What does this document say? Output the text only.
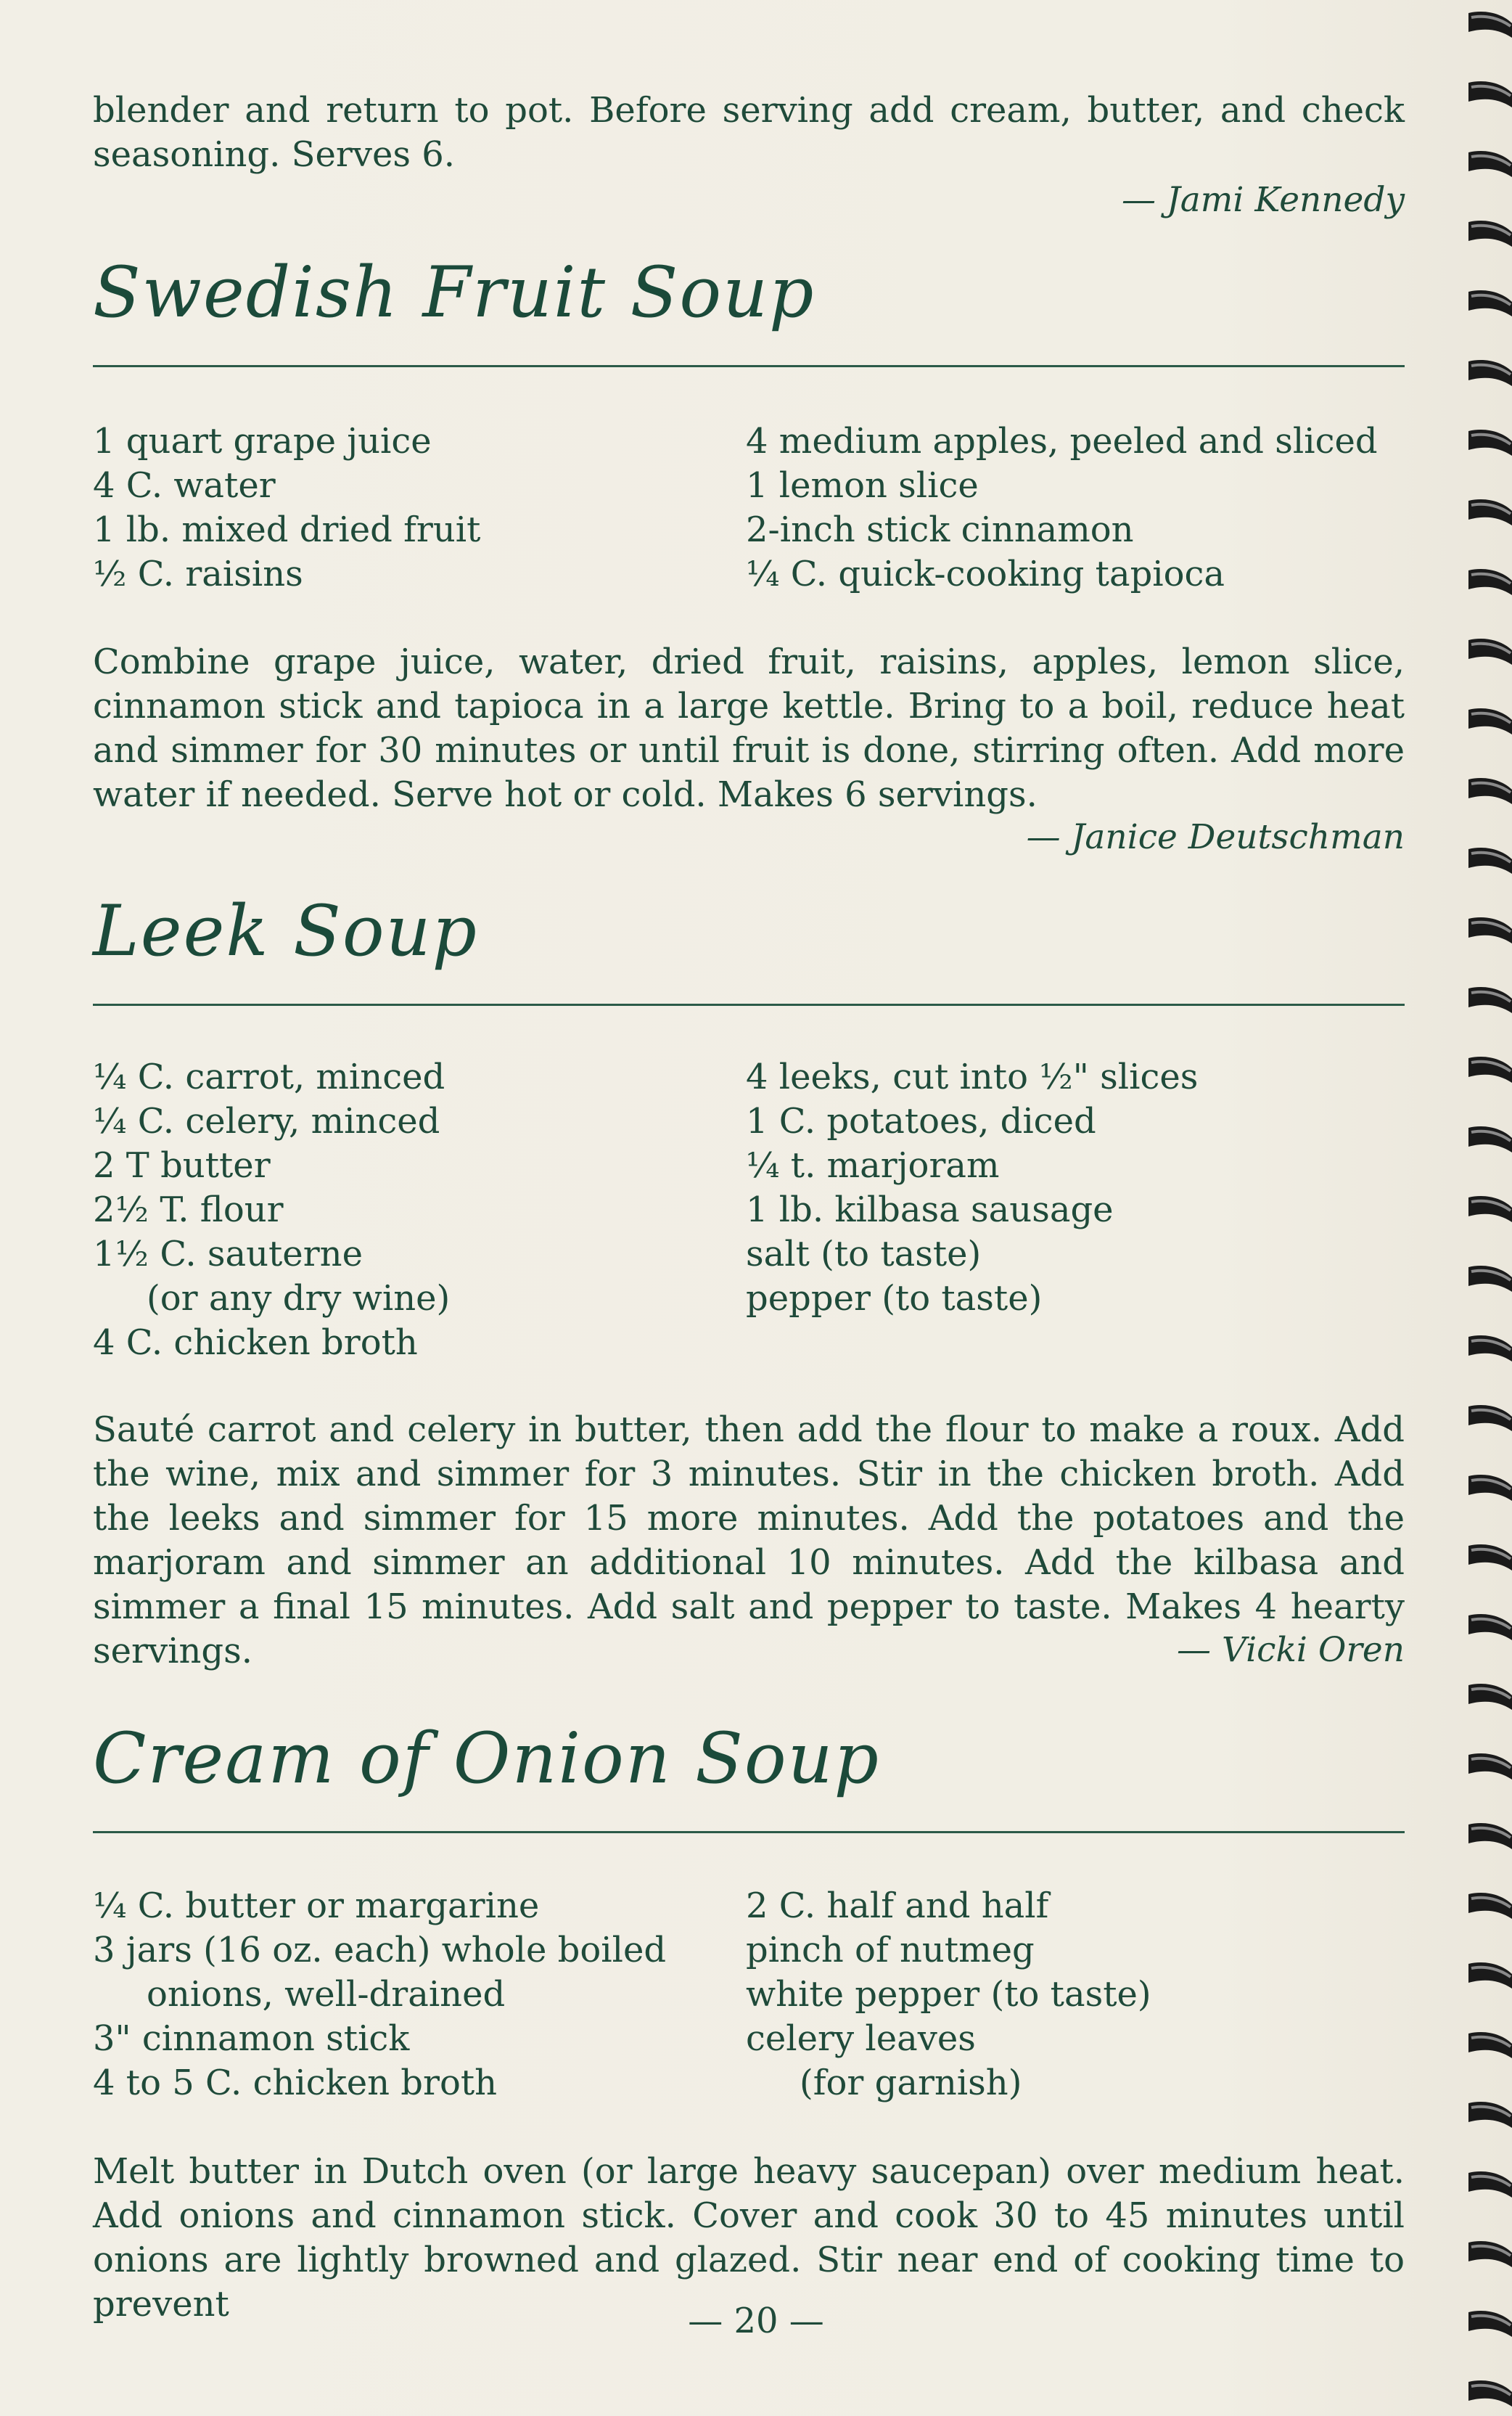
blender and return to pot. Before serving add cream, butter, and check seasoning. Serves 6.

— Jami Kennedy
Swedish Fruit Soup
1 quart grape juice
4 C. water
1 lb. mixed dried fruit
½ C. raisins
4 medium apples, peeled and sliced
1 lemon slice
2-inch stick cinnamon
¼ C. quick-cooking tapioca

Combine grape juice, water, dried fruit, raisins, apples, lemon slice, cinnamon stick and tapioca in a large kettle. Bring to a boil, reduce heat and simmer for 30 minutes or until fruit is done, stirring often. Add more water if needed. Serve hot or cold. Makes 6 servings.

— Janice Deutschman
Leek Soup
¼ C. carrot, minced
¼ C. celery, minced
2 T butter
2½ T. flour
1½ C. sauterne
(or any dry wine)
4 C. chicken broth
4 leeks, cut into ½" slices
1 C. potatoes, diced
¼ t. marjoram
1 lb. kilbasa sausage
salt (to taste)
pepper (to taste)

Sauté carrot and celery in butter, then add the flour to make a roux. Add the wine, mix and simmer for 3 minutes. Stir in the chicken broth. Add the leeks and simmer for 15 more minutes. Add the potatoes and the marjoram and simmer an additional 10 minutes. Add the kilbasa and simmer a final 15 minutes. Add salt and pepper to taste. Makes 4 hearty servings.	— Vicki Oren
Cream of Onion Soup
¼ C. butter or margarine
3 jars (16 oz. each) whole boiled
onions, well-drained
3" cinnamon stick
4 to 5 C. chicken broth
2 C. half and half
pinch of nutmeg
white pepper (to taste)
celery leaves
(for garnish)

Melt butter in Dutch oven (or large heavy saucepan) over medium heat. Add onions and cinnamon stick. Cover and cook 30 to 45 minutes until onions are lightly browned and glazed. Stir near end of cooking time to prevent	— 20 —
